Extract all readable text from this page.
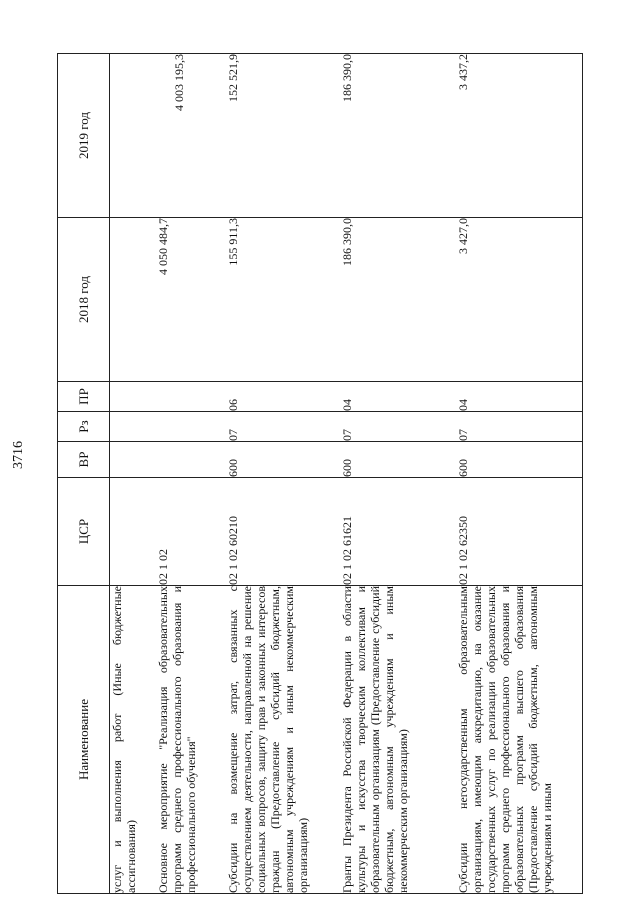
3716
Наименование	ЦСР	ВР	Рз	ПР	2018 год	2019 год
услуг и выполнения работ (Иные бюджетные ассигнования)						
Основное мероприятие "Реализация образовательных программ среднего профессионального образования и профессионального обучения"	02 1 02				4 050 484,7	4 003 195,3
Субсидии на возмещение затрат, связанных с осуществлением деятельности, направленной на решение социальных вопросов, защиту прав и законных интересов граждан (Предоставление субсидий бюджетным, автономным учреждениям и иным некоммерческим организациям)	02 1 02 60210	600	07	06	155 911,3	152 521,9
Гранты Президента Российской Федерации в области культуры и искусства творческим коллективам и образовательным организациям (Предоставление субсидий бюджетным, автономным учреждениям и иным некоммерческим организациям)	02 1 02 61621	600	07	04	186 390,0	186 390,0
Субсидии негосударственным образовательным организациям, имеющим аккредитацию, на оказание государственных услуг по реализации образовательных программ среднего профессионального образования и образовательных программ высшего образования (Предоставление субсидий бюджетным, автономным учреждениям и иным	02 1 02 62350	600	07	04	3 427,0	3 437,2
